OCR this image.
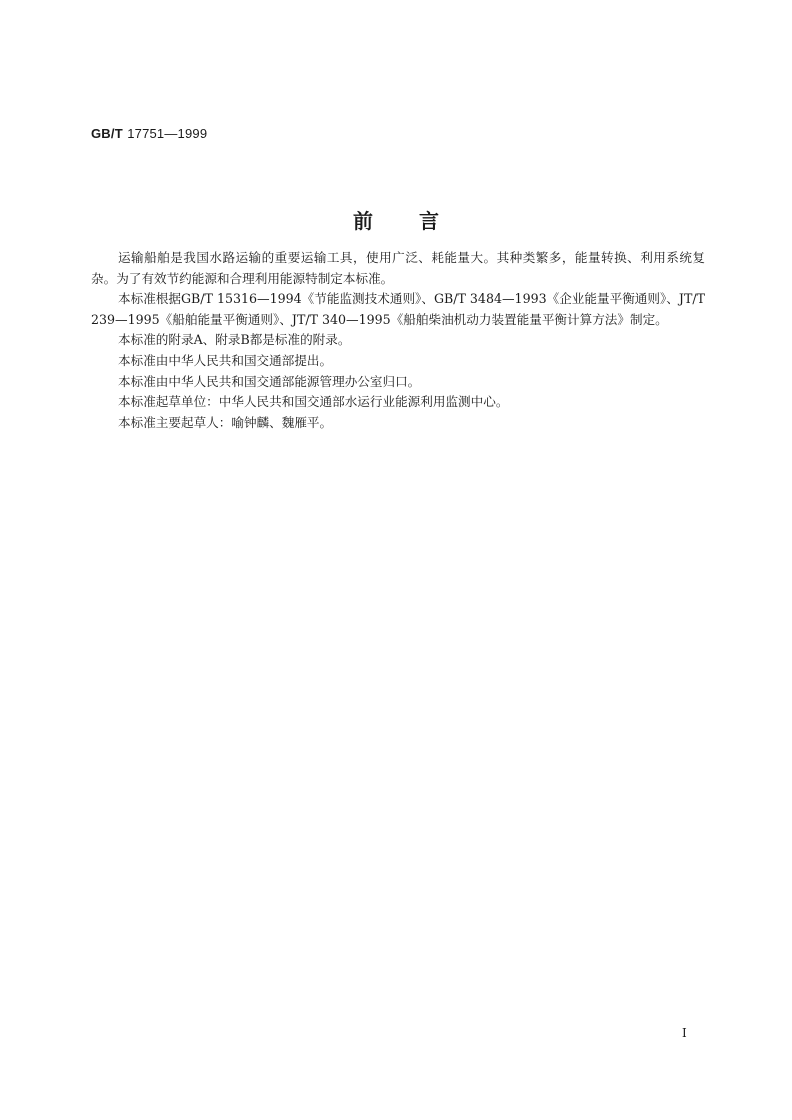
GB/T 17751—1999
前言

运输船舶是我国水路运输的重要运输工具，使用广泛、耗能量大。其种类繁多，能量转换、利用系统复杂。为了有效节约能源和合理利用能源特制定本标准。

本标准根据GB/T 15316—1994《节能监测技术通则》、GB/T 3484—1993《企业能量平衡通则》、JT/T 239—1995《船舶能量平衡通则》、JT/T 340—1995《船舶柴油机动力装置能量平衡计算方法》制定。

本标准的附录A、附录B都是标准的附录。

本标准由中华人民共和国交通部提出。

本标准由中华人民共和国交通部能源管理办公室归口。

本标准起草单位：中华人民共和国交通部水运行业能源利用监测中心。

本标准主要起草人：喻钟麟、魏雁平。

I
